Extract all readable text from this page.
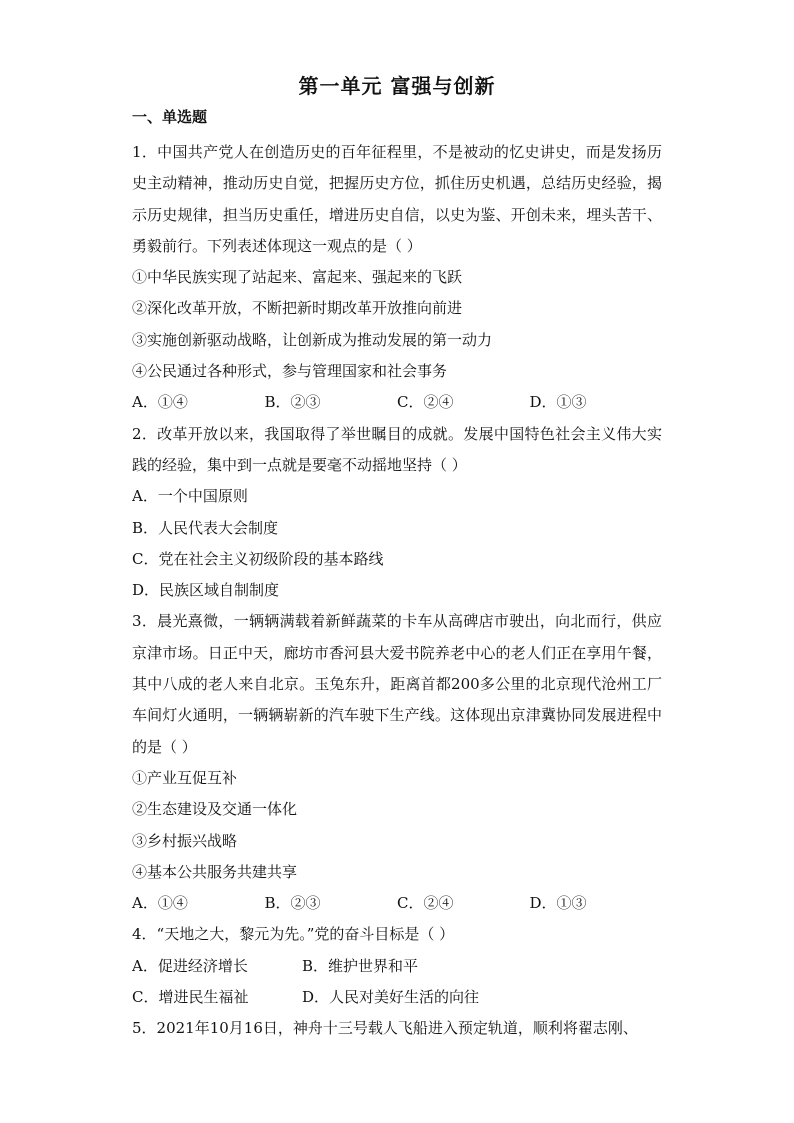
第一单元 富强与创新
一、单选题
1．中国共产党人在创造历史的百年征程里，不是被动的忆史讲史，而是发扬历史主动精神，推动历史自觉，把握历史方位，抓住历史机遇，总结历史经验，揭示历史规律，担当历史重任，增进历史自信，以史为鉴、开创未来，埋头苦干、勇毅前行。下列表述体现这一观点的是（ ）
①中华民族实现了站起来、富起来、强起来的飞跃
②深化改革开放，不断把新时期改革开放推向前进
③实施创新驱动战略，让创新成为推动发展的第一动力
④公民通过各种形式，参与管理国家和社会事务
A．①④	B．②③	C．②④	D．①③
2．改革开放以来，我国取得了举世瞩目的成就。发展中国特色社会主义伟大实践的经验，集中到一点就是要毫不动摇地坚持（ ）
A．一个中国原则
B．人民代表大会制度
C．党在社会主义初级阶段的基本路线
D．民族区域自制制度
3．晨光熹微，一辆辆满载着新鲜蔬菜的卡车从高碑店市驶出，向北而行，供应京津市场。日正中天，廊坊市香河县大爱书院养老中心的老人们正在享用午餐，其中八成的老人来自北京。玉兔东升，距离首都200多公里的北京现代沧州工厂车间灯火通明，一辆辆崭新的汽车驶下生产线。这体现出京津冀协同发展进程中的是（ ）
①产业互促互补
②生态建设及交通一体化
③乡村振兴战略
④基本公共服务共建共享
A．①④	B．②③	C．②④	D．①③
4．“天地之大，黎元为先。”党的奋斗目标是（ ）
A．促进经济增长	B．维护世界和平
C．增进民生福祉	D．人民对美好生活的向往
5．2021年10月16日，神舟十三号载人飞船进入预定轨道，顺利将翟志刚、
